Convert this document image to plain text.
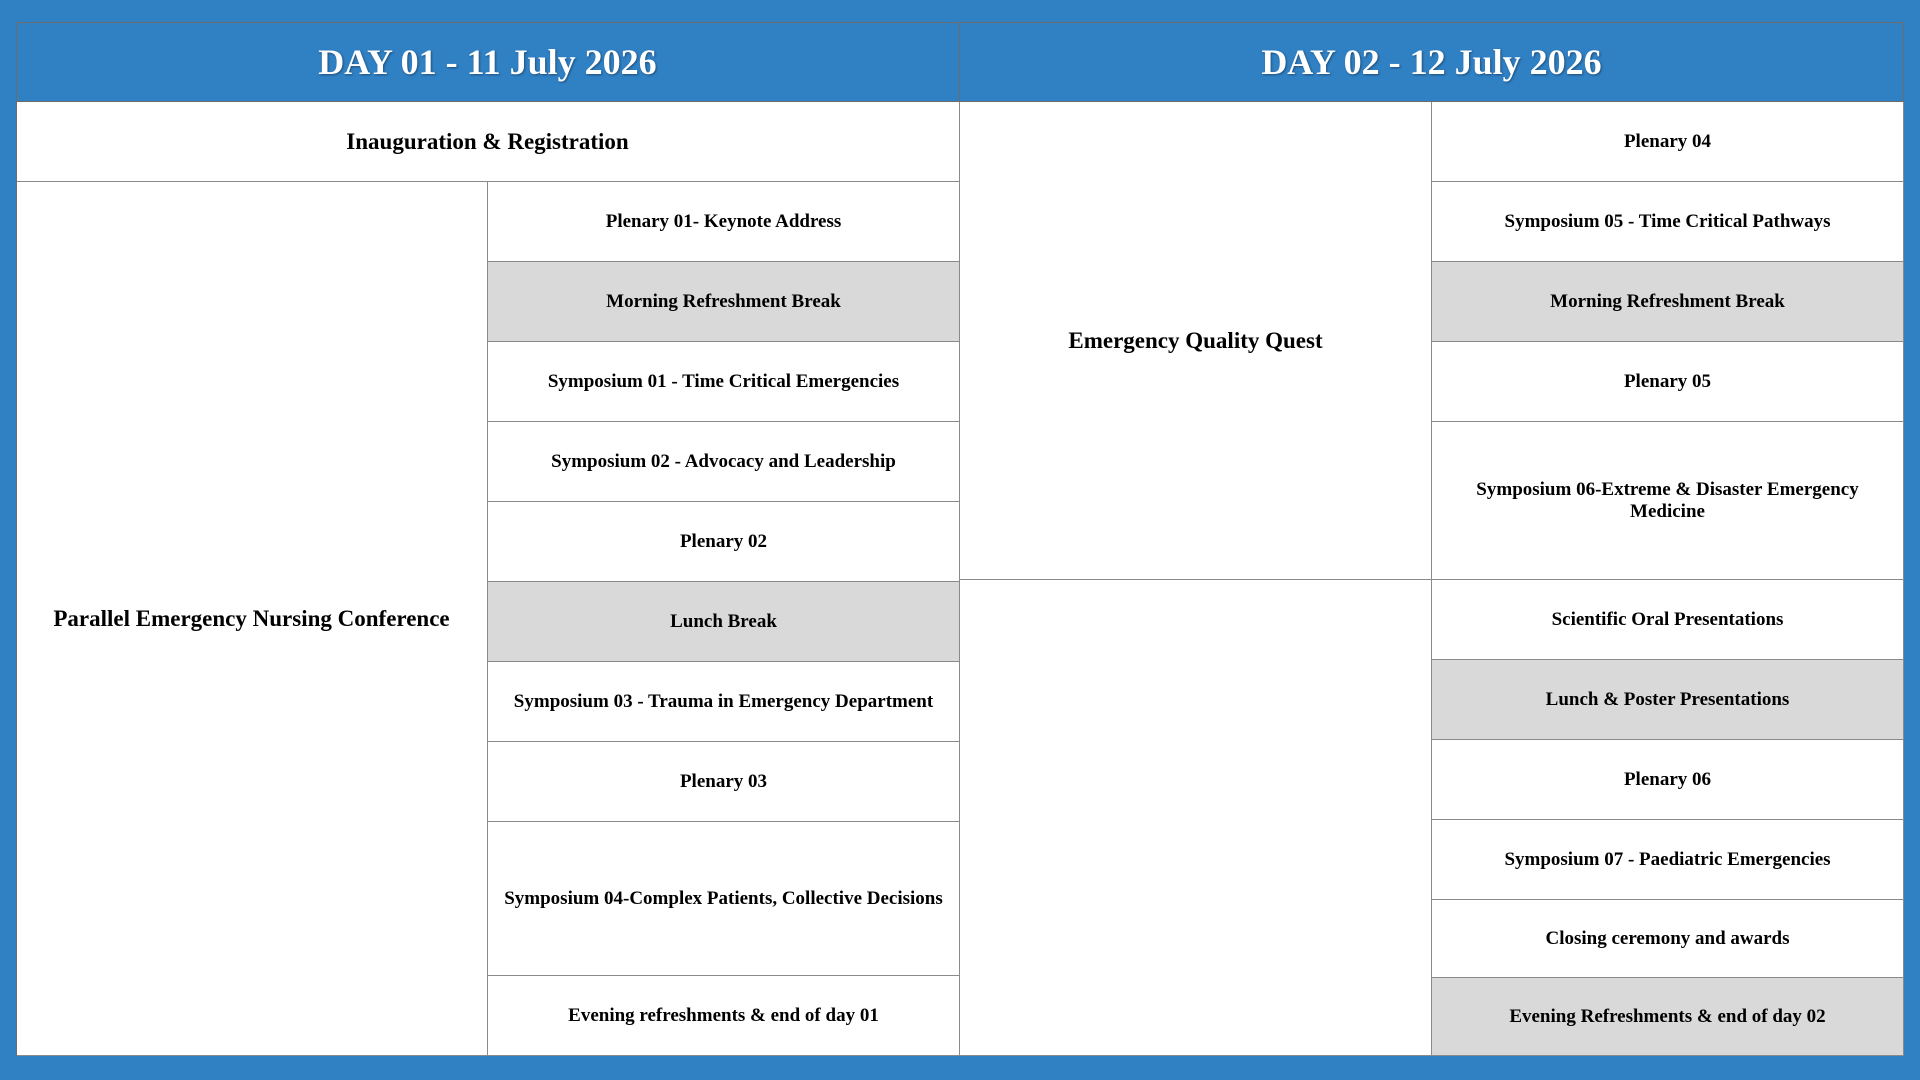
DAY 01 - 11 July 2026	DAY 02 - 12 July 2026
Inauguration & Registration
Parallel Emergency Nursing Conference
Plenary 01- Keynote Address
Morning Refreshment Break
Symposium 01 - Time Critical Emergencies
Symposium 02 - Advocacy and Leadership
Plenary 02
Lunch Break
Symposium 03 - Trauma in Emergency Department
Plenary 03
Symposium 04-Complex Patients, Collective Decisions
Evening refreshments & end of day 01
Emergency Quality Quest
Plenary 04
Symposium 05 - Time Critical Pathways
Morning Refreshment Break
Plenary 05
Symposium 06-Extreme & Disaster Emergency Medicine
Scientific Oral Presentations
Lunch & Poster Presentations
Plenary 06
Symposium 07 - Paediatric Emergencies
Closing ceremony and awards
Evening Refreshments & end of day 02
